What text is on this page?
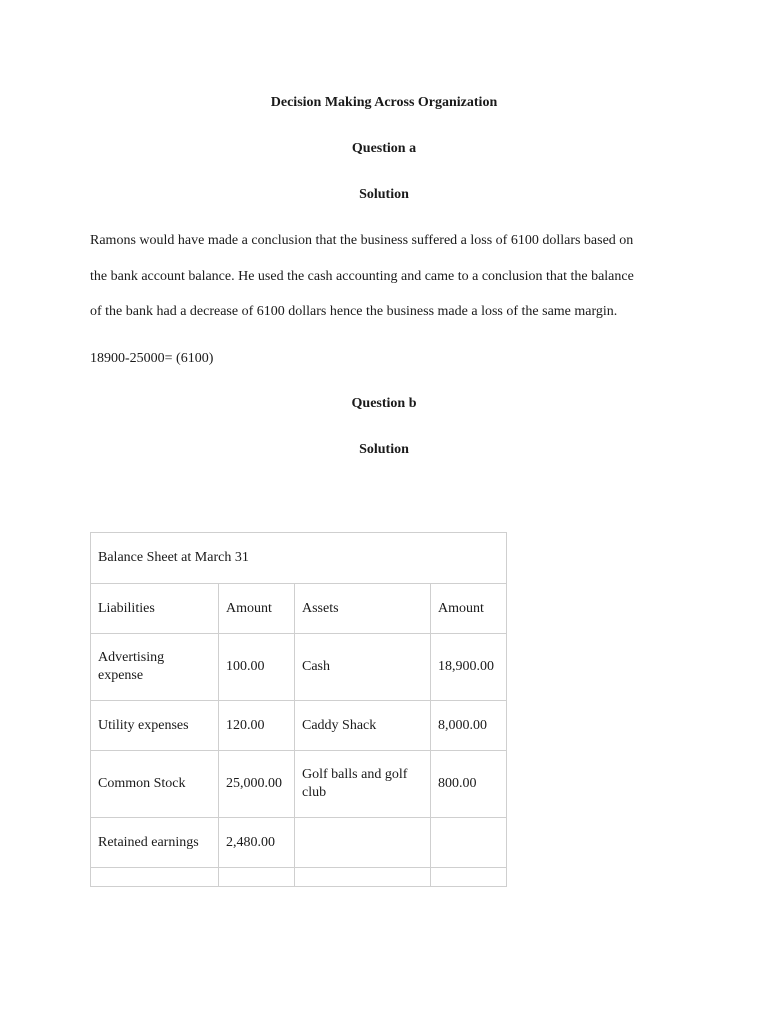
Decision Making Across Organization
Question a
Solution
Ramons would have made a conclusion that the business suffered a loss of 6100 dollars based on
the bank account balance. He used the cash accounting and came to a conclusion that the balance
of the bank had a decrease of 6100 dollars hence the business made a loss of the same margin.
18900-25000= (6100)
Question b
Solution
Balance Sheet at March 31			
Liabilities	Amount	Assets	Amount
Advertising expense	100.00	Cash	18,900.00
Utility expenses	120.00	Caddy Shack	8,000.00
Common Stock	25,000.00	Golf balls and golf club	800.00
Retained earnings	2,480.00		
